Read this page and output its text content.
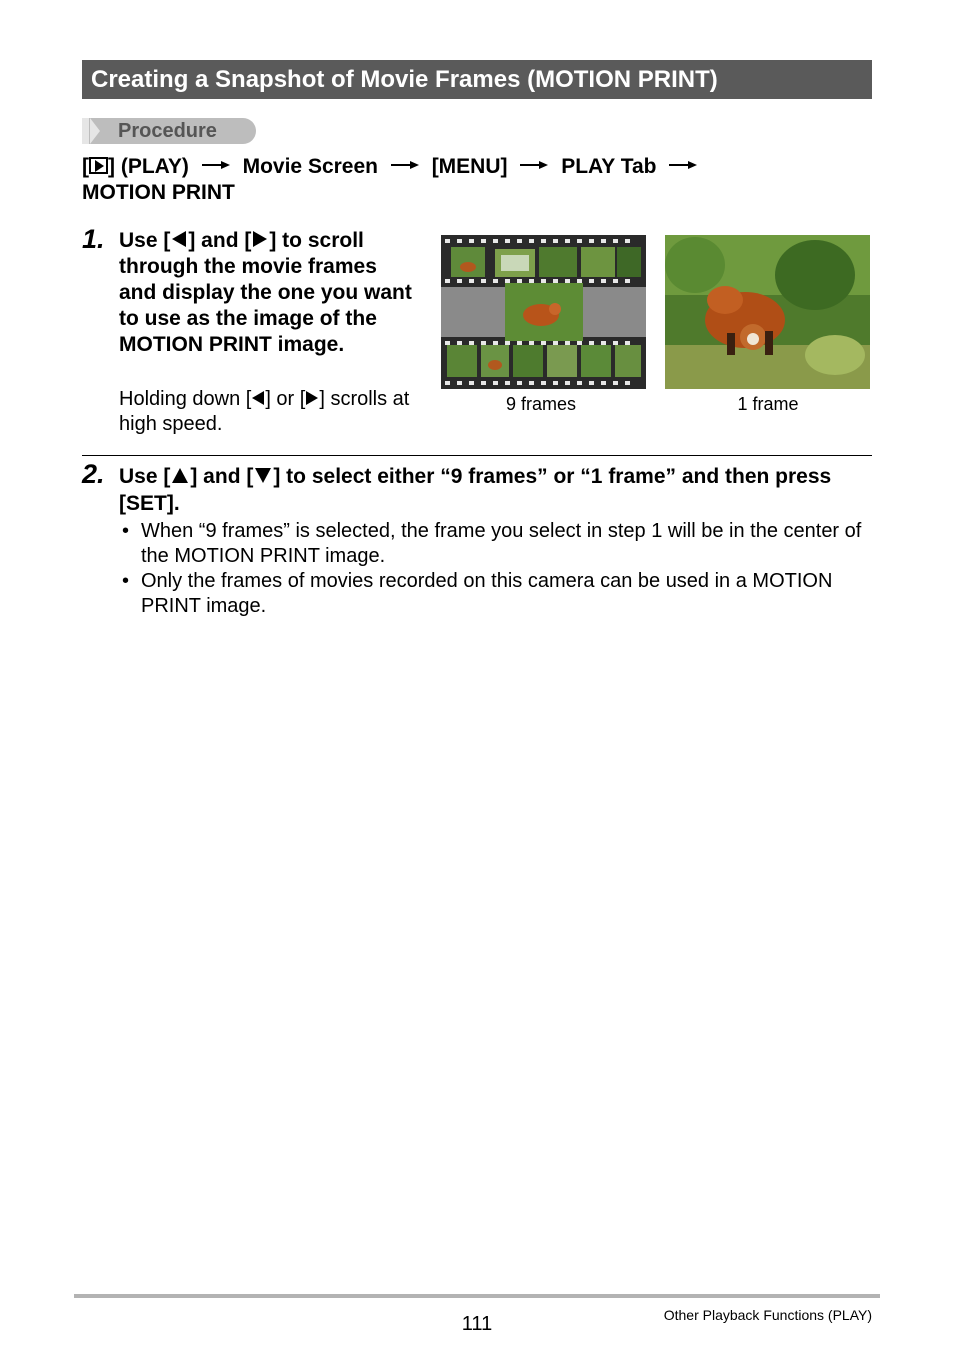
Creating a Snapshot of Movie Frames (MOTION PRINT)
Procedure
[ ] (PLAY)	Movie Screen	[MENU]	PLAY Tab
MOTION PRINT
1. Use [ ] and [ ] to scroll through the movie frames and display the one you want to use as the image of the MOTION PRINT image.
Holding down [ ] or [ ] scrolls at high speed.
9 frames	1 frame
2. Use [ ] and [ ] to select either “9 frames” or “1 frame” and then press [SET].
• When “9 frames” is selected, the frame you select in step 1 will be in the center of the MOTION PRINT image.
• Only the frames of movies recorded on this camera can be used in a MOTION PRINT image.
111	Other Playback Functions (PLAY)
